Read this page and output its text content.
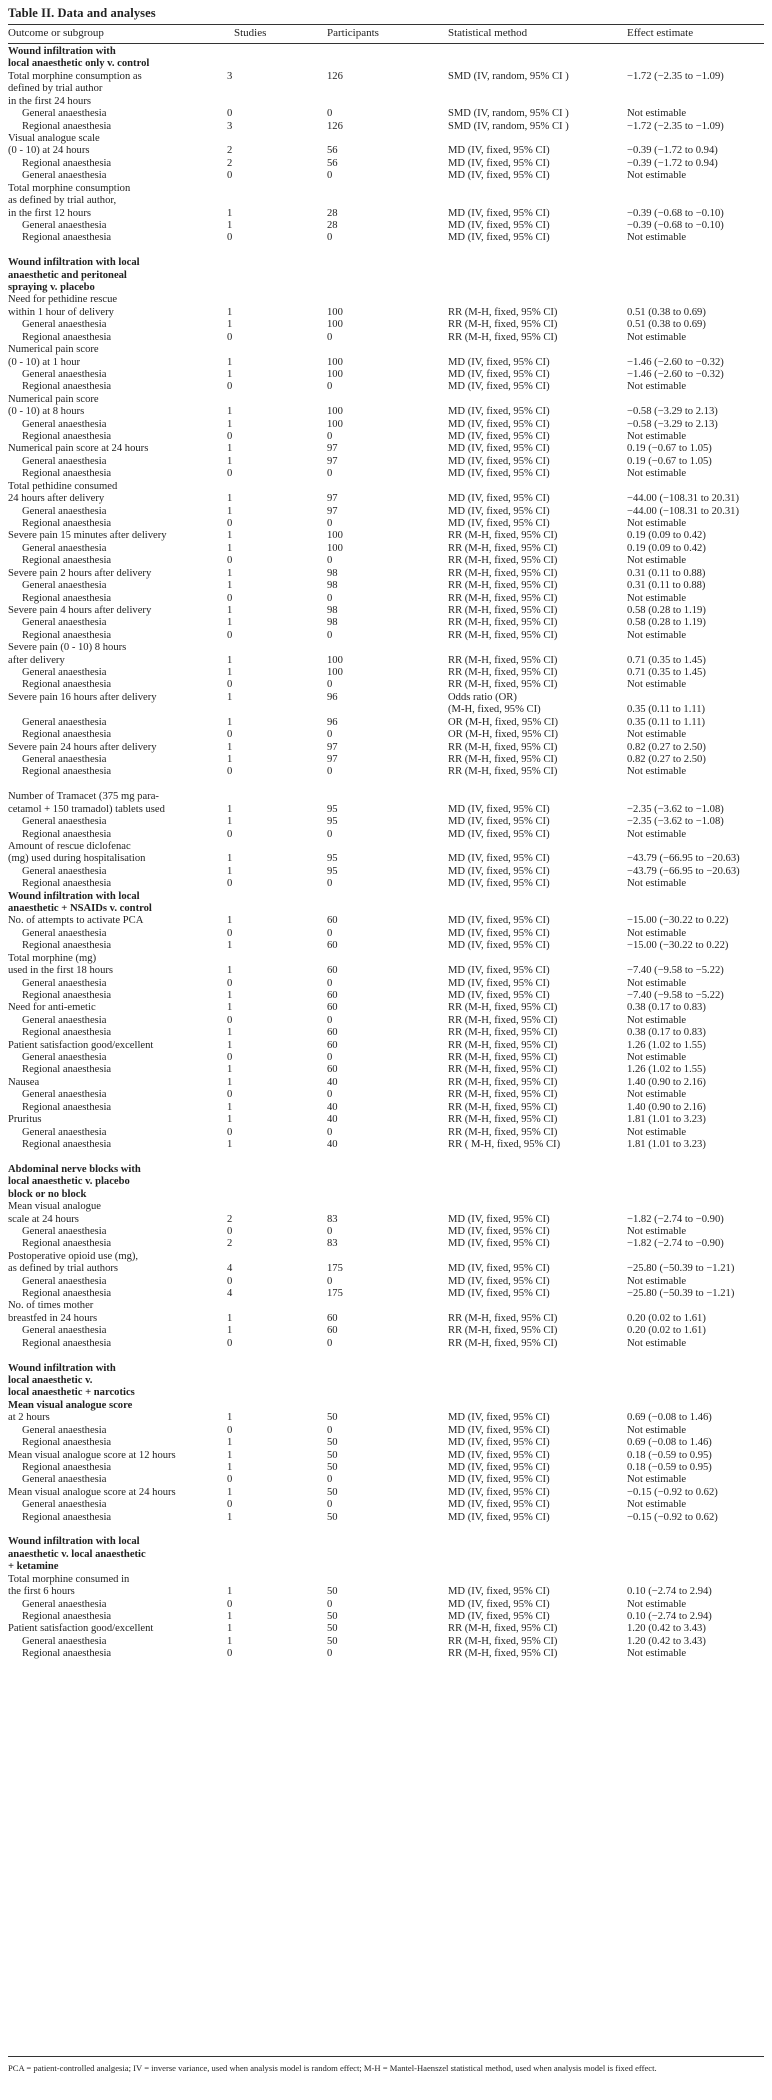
Table II. Data and analyses
Outcome or subgroup	Studies	Participants	Statistical method	Effect estimate
Wound infiltration with
local anaesthetic only v. control
Total morphine consumption as	3	126	SMD (IV, random, 95% CI )	−1.72 (−2.35 to −1.09)
defined by trial author
in the first 24 hours
General anaesthesia	0	0	SMD (IV, random, 95% CI )	Not estimable
Regional anaesthesia	3	126	SMD (IV, random, 95% CI )	−1.72 (−2.35 to −1.09)
Visual analogue scale
(0 - 10) at 24 hours	2	56	MD (IV, fixed, 95% CI)	−0.39 (−1.72 to 0.94)
Regional anaesthesia	2	56	MD (IV, fixed, 95% CI)	−0.39 (−1.72 to 0.94)
General anaesthesia	0	0	MD (IV, fixed, 95% CI)	Not estimable
Total morphine consumption
as defined by trial author,
in the first 12 hours	1	28	MD (IV, fixed, 95% CI)	−0.39 (−0.68 to −0.10)
General anaesthesia	1	28	MD (IV, fixed, 95% CI)	−0.39 (−0.68 to −0.10)
Regional anaesthesia	0	0	MD (IV, fixed, 95% CI)	Not estimable
Wound infiltration with local
anaesthetic and peritoneal
spraying v. placebo
Need for pethidine rescue
within 1 hour of delivery	1	100	RR (M-H, fixed, 95% CI)	0.51 (0.38 to 0.69)
General anaesthesia	1	100	RR (M-H, fixed, 95% CI)	0.51 (0.38 to 0.69)
Regional anaesthesia	0	0	RR (M-H, fixed, 95% CI)	Not estimable
Numerical pain score
(0 - 10) at 1 hour	1	100	MD (IV, fixed, 95% CI)	−1.46 (−2.60 to −0.32)
General anaesthesia	1	100	MD (IV, fixed, 95% CI)	−1.46 (−2.60 to −0.32)
Regional anaesthesia	0	0	MD (IV, fixed, 95% CI)	Not estimable
Numerical pain score
(0 - 10) at 8 hours	1	100	MD (IV, fixed, 95% CI)	−0.58 (−3.29 to 2.13)
General anaesthesia	1	100	MD (IV, fixed, 95% CI)	−0.58 (−3.29 to 2.13)
Regional anaesthesia	0	0	MD (IV, fixed, 95% CI)	Not estimable
Numerical pain score at 24 hours	1	97	MD (IV, fixed, 95% CI)	0.19 (−0.67 to 1.05)
General anaesthesia	1	97	MD (IV, fixed, 95% CI)	0.19 (−0.67 to 1.05)
Regional anaesthesia	0	0	MD (IV, fixed, 95% CI)	Not estimable
Total pethidine consumed
24 hours after delivery	1	97	MD (IV, fixed, 95% CI)	−44.00 (−108.31 to 20.31)
General anaesthesia	1	97	MD (IV, fixed, 95% CI)	−44.00 (−108.31 to 20.31)
Regional anaesthesia	0	0	MD (IV, fixed, 95% CI)	Not estimable
Severe pain 15 minutes after delivery	1	100	RR (M-H, fixed, 95% CI)	0.19 (0.09 to 0.42)
General anaesthesia	1	100	RR (M-H, fixed, 95% CI)	0.19 (0.09 to 0.42)
Regional anaesthesia	0	0	RR (M-H, fixed, 95% CI)	Not estimable
Severe pain 2 hours after delivery	1	98	RR (M-H, fixed, 95% CI)	0.31 (0.11 to 0.88)
General anaesthesia	1	98	RR (M-H, fixed, 95% CI)	0.31 (0.11 to 0.88)
Regional anaesthesia	0	0	RR (M-H, fixed, 95% CI)	Not estimable
Severe pain 4 hours after delivery	1	98	RR (M-H, fixed, 95% CI)	0.58 (0.28 to 1.19)
General anaesthesia	1	98	RR (M-H, fixed, 95% CI)	0.58 (0.28 to 1.19)
Regional anaesthesia	0	0	RR (M-H, fixed, 95% CI)	Not estimable
Severe pain (0 - 10) 8 hours
after delivery	1	100	RR (M-H, fixed, 95% CI)	0.71 (0.35 to 1.45)
General anaesthesia	1	100	RR (M-H, fixed, 95% CI)	0.71 (0.35 to 1.45)
Regional anaesthesia	0	0	RR (M-H, fixed, 95% CI)	Not estimable
Severe pain 16 hours after delivery	1	96	Odds ratio (OR)
(M-H, fixed, 95% CI)	0.35 (0.11 to 1.11)
General anaesthesia	1	96	OR (M-H, fixed, 95% CI)	0.35 (0.11 to 1.11)
Regional anaesthesia	0	0	OR (M-H, fixed, 95% CI)	Not estimable
Severe pain 24 hours after delivery	1	97	RR (M-H, fixed, 95% CI)	0.82 (0.27 to 2.50)
General anaesthesia	1	97	RR (M-H, fixed, 95% CI)	0.82 (0.27 to 2.50)
Regional anaesthesia	0	0	RR (M-H, fixed, 95% CI)	Not estimable
Number of Tramacet (375 mg para-
cetamol + 150 tramadol) tablets used	1	95	MD (IV, fixed, 95% CI)	−2.35 (−3.62 to −1.08)
General anaesthesia	1	95	MD (IV, fixed, 95% CI)	−2.35 (−3.62 to −1.08)
Regional anaesthesia	0	0	MD (IV, fixed, 95% CI)	Not estimable
Amount of rescue diclofenac
(mg) used during hospitalisation	1	95	MD (IV, fixed, 95% CI)	−43.79 (−66.95 to −20.63)
General anaesthesia	1	95	MD (IV, fixed, 95% CI)	−43.79 (−66.95 to −20.63)
Regional anaesthesia	0	0	MD (IV, fixed, 95% CI)	Not estimable
Wound infiltration with local
anaesthetic + NSAIDs v. control
No. of attempts to activate PCA	1	60	MD (IV, fixed, 95% CI)	−15.00 (−30.22 to 0.22)
General anaesthesia	0	0	MD (IV, fixed, 95% CI)	Not estimable
Regional anaesthesia	1	60	MD (IV, fixed, 95% CI)	−15.00 (−30.22 to 0.22)
Total morphine (mg)
used in the first 18 hours	1	60	MD (IV, fixed, 95% CI)	−7.40 (−9.58 to −5.22)
General anaesthesia	0	0	MD (IV, fixed, 95% CI)	Not estimable
Regional anaesthesia	1	60	MD (IV, fixed, 95% CI)	−7.40 (−9.58 to −5.22)
Need for anti-emetic	1	60	RR (M-H, fixed, 95% CI)	0.38 (0.17 to 0.83)
General anaesthesia	0	0	RR (M-H, fixed, 95% CI)	Not estimable
Regional anaesthesia	1	60	RR (M-H, fixed, 95% CI)	0.38 (0.17 to 0.83)
Patient satisfaction good/excellent	1	60	RR (M-H, fixed, 95% CI)	1.26 (1.02 to 1.55)
General anaesthesia	0	0	RR (M-H, fixed, 95% CI)	Not estimable
Regional anaesthesia	1	60	RR (M-H, fixed, 95% CI)	1.26 (1.02 to 1.55)
Nausea	1	40	RR (M-H, fixed, 95% CI)	1.40 (0.90 to 2.16)
General anaesthesia	0	0	RR (M-H, fixed, 95% CI)	Not estimable
Regional anaesthesia	1	40	RR (M-H, fixed, 95% CI)	1.40 (0.90 to 2.16)
Pruritus	1	40	RR (M-H, fixed, 95% CI)	1.81 (1.01 to 3.23)
General anaesthesia	0	0	RR (M-H, fixed, 95% CI)	Not estimable
Regional anaesthesia	1	40	RR ( M-H, fixed, 95% CI)	1.81 (1.01 to 3.23)
Abdominal nerve blocks with
local anaesthetic v. placebo
block or no block
Mean visual analogue
scale at 24 hours	2	83	MD (IV, fixed, 95% CI)	−1.82 (−2.74 to −0.90)
General anaesthesia	0	0	MD (IV, fixed, 95% CI)	Not estimable
Regional anaesthesia	2	83	MD (IV, fixed, 95% CI)	−1.82 (−2.74 to −0.90)
Postoperative opioid use (mg),
as defined by trial authors	4	175	MD (IV, fixed, 95% CI)	−25.80 (−50.39 to −1.21)
General anaesthesia	0	0	MD (IV, fixed, 95% CI)	Not estimable
Regional anaesthesia	4	175	MD (IV, fixed, 95% CI)	−25.80 (−50.39 to −1.21)
No. of times mother
breastfed in 24 hours	1	60	RR (M-H, fixed, 95% CI)	0.20 (0.02 to 1.61)
General anaesthesia	1	60	RR (M-H, fixed, 95% CI)	0.20 (0.02 to 1.61)
Regional anaesthesia	0	0	RR (M-H, fixed, 95% CI)	Not estimable
Wound infiltration with
local anaesthetic v.
local anaesthetic + narcotics
Mean visual analogue score
at 2 hours	1	50	MD (IV, fixed, 95% CI)	0.69 (−0.08 to 1.46)
General anaesthesia	0	0	MD (IV, fixed, 95% CI)	Not estimable
Regional anaesthesia	1	50	MD (IV, fixed, 95% CI)	0.69 (−0.08 to 1.46)
Mean visual analogue score at 12 hours	1	50	MD (IV, fixed, 95% CI)	0.18 (−0.59 to 0.95)
Regional anaesthesia	1	50	MD (IV, fixed, 95% CI)	0.18 (−0.59 to 0.95)
General anaesthesia	0	0	MD (IV, fixed, 95% CI)	Not estimable
Mean visual analogue score at 24 hours	1	50	MD (IV, fixed, 95% CI)	−0.15 (−0.92 to 0.62)
General anaesthesia	0	0	MD (IV, fixed, 95% CI)	Not estimable
Regional anaesthesia	1	50	MD (IV, fixed, 95% CI)	−0.15 (−0.92 to 0.62)
Wound infiltration with local
anaesthetic v. local anaesthetic
+ ketamine
Total morphine consumed in
the first 6 hours	1	50	MD (IV, fixed, 95% CI)	0.10 (−2.74 to 2.94)
General anaesthesia	0	0	MD (IV, fixed, 95% CI)	Not estimable
Regional anaesthesia	1	50	MD (IV, fixed, 95% CI)	0.10 (−2.74 to 2.94)
Patient satisfaction good/excellent	1	50	RR (M-H, fixed, 95% CI)	1.20 (0.42 to 3.43)
General anaesthesia	1	50	RR (M-H, fixed, 95% CI)	1.20 (0.42 to 3.43)
Regional anaesthesia	0	0	RR (M-H, fixed, 95% CI)	Not estimable
PCA = patient-controlled analgesia; IV = inverse variance, used when analysis model is random effect; M-H = Mantel-Haenszel statistical method, used when analysis model is fixed effect.
